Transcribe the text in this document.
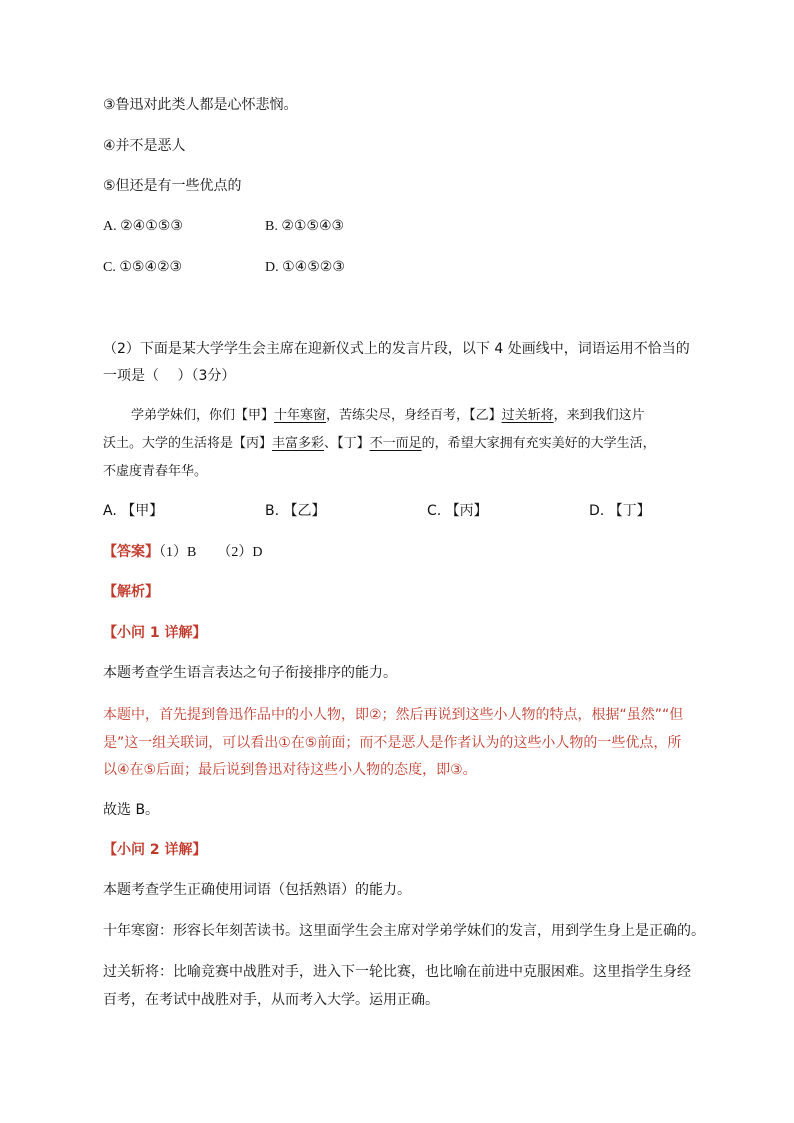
③鲁迅对此类人都是心怀悲悯。
④并不是恶人
⑤但还是有一些优点的
A. ②④①⑤③	B. ②①⑤④③
C. ①⑤④②③	D. ①④⑤②③
（2）下面是某大学学生会主席在迎新仪式上的发言片段，以下 4 处画线中，词语运用不恰当的
一项是（　 ）（3分）
学弟学妹们，你们【甲】十年寒窗，苦练尖尽，身经百考，【乙】过关斩将，来到我们这片
沃土。大学的生活将是【丙】丰富多彩、【丁】不一而足的，希望大家拥有充实美好的大学生活，
不虚度青春年华。
A. 【甲】	B. 【乙】	C. 【丙】	D. 【丁】
【答案】（1）B　　（2）D
【解析】
【小问 1 详解】
本题考查学生语言表达之句子衔接排序的能力。
本题中，首先提到鲁迅作品中的小人物，即②；然后再说到这些小人物的特点，根据“虽然”“但
是”这一组关联词，可以看出①在⑤前面；而不是恶人是作者认为的这些小人物的一些优点，所
以④在⑤后面；最后说到鲁迅对待这些小人物的态度，即③。
故选 B。
【小问 2 详解】
本题考查学生正确使用词语（包括熟语）的能力。
十年寒窗：形容长年刻苦读书。这里面学生会主席对学弟学妹们的发言，用到学生身上是正确的。
过关斩将：比喻竞赛中战胜对手，进入下一轮比赛，也比喻在前进中克服困难。这里指学生身经
百考，在考试中战胜对手，从而考入大学。运用正确。
